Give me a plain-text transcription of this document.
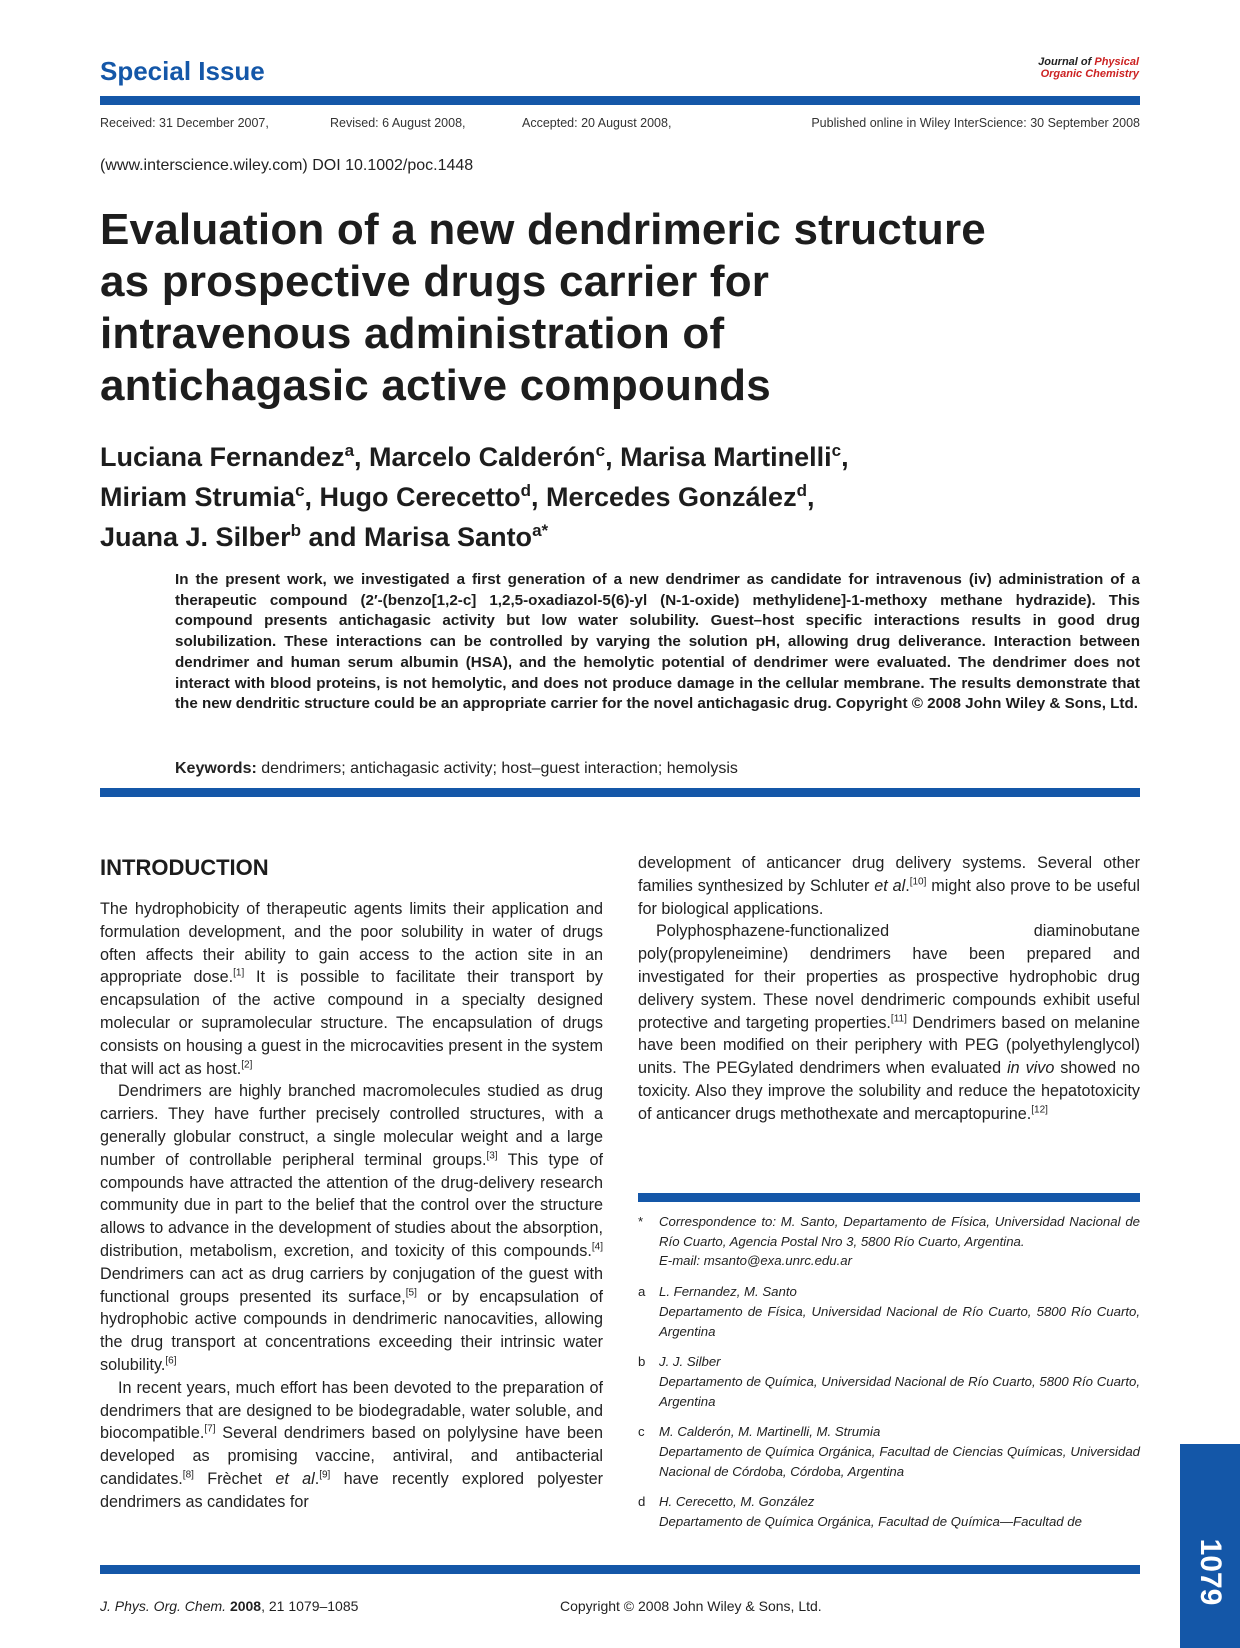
Special Issue	Journal of Physical
Organic Chemistry
Received: 31 December 2007,	Revised: 6 August 2008,	Accepted: 20 August 2008,	Published online in Wiley InterScience: 30 September 2008
(www.interscience.wiley.com) DOI 10.1002/poc.1448
Evaluation of a new dendrimeric structure
as prospective drugs carrier for
intravenous administration of
antichagasic active compounds
Luciana Fernandez$^a$, Marcelo Calderón$^c$, Marisa Martinelli$^c$,
Miriam Strumia$^c$, Hugo Cerecetto$^d$, Mercedes González$^d$,
Juana J. Silber$^b$ and Marisa Santo$^{a*}$
In the present work, we investigated a first generation of a new dendrimer as candidate for intravenous (iv) administration of a therapeutic compound (2′-(benzo[1,2-c] 1,2,5-oxadiazol-5(6)-yl (N-1-oxide) methylidene]-1-methoxy methane hydrazide). This compound presents antichagasic activity but low water solubility. Guest–host specific interactions results in good drug solubilization. These interactions can be controlled by varying the solution pH, allowing drug deliverance. Interaction between dendrimer and human serum albumin (HSA), and the hemolytic potential of dendrimer were evaluated. The dendrimer does not interact with blood proteins, is not hemolytic, and does not produce damage in the cellular membrane. The results demonstrate that the new dendritic structure could be an appropriate carrier for the novel antichagasic drug. Copyright © 2008 John Wiley & Sons, Ltd.
Keywords: dendrimers; antichagasic activity; host–guest interaction; hemolysis
INTRODUCTION

The hydrophobicity of therapeutic agents limits their application and formulation development, and the poor solubility in water of drugs often affects their ability to gain access to the action site in an appropriate dose.[1] It is possible to facilitate their transport by encapsulation of the active compound in a specialty designed molecular or supramolecular structure. The encapsulation of drugs consists on housing a guest in the microcavities present in the system that will act as host.[2]

Dendrimers are highly branched macromolecules studied as drug carriers. They have further precisely controlled structures, with a generally globular construct, a single molecular weight and a large number of controllable peripheral terminal groups.[3] This type of compounds have attracted the attention of the drug-delivery research community due in part to the belief that the control over the structure allows to advance in the development of studies about the absorption, distribution, metabolism, excretion, and toxicity of this compounds.[4] Dendrimers can act as drug carriers by conjugation of the guest with functional groups presented its surface,[5] or by encapsulation of hydrophobic active compounds in dendrimeric nanocavities, allowing the drug transport at concentrations exceeding their intrinsic water solubility.[6]

In recent years, much effort has been devoted to the preparation of dendrimers that are designed to be biodegradable, water soluble, and biocompatible.[7] Several dendrimers based on polylysine have been developed as promising vaccine, antiviral, and antibacterial candidates.[8] Frèchet et al.[9] have recently explored polyester dendrimers as candidates for

development of anticancer drug delivery systems. Several other families synthesized by Schluter et al.[10] might also prove to be useful for biological applications.

Polyphosphazene-functionalized diaminobutane poly(propyleneimine) dendrimers have been prepared and investigated for their properties as prospective hydrophobic drug delivery system. These novel dendrimeric compounds exhibit useful protective and targeting properties.[11] Dendrimers based on melanine have been modified on their periphery with PEG (polyethylenglycol) units. The PEGylated dendrimers when evaluated in vivo showed no toxicity. Also they improve the solubility and reduce the hepatotoxicity of anticancer drugs methothexate and mercaptopurine.[12]

* Correspondence to: M. Santo, Departamento de Física, Universidad Nacional de Río Cuarto, Agencia Postal Nro 3, 5800 Río Cuarto, Argentina.
E-mail: msanto@exa.unrc.edu.ar
a L. Fernandez, M. Santo
Departamento de Física, Universidad Nacional de Río Cuarto, 5800 Río Cuarto, Argentina
b J. J. Silber
Departamento de Química, Universidad Nacional de Río Cuarto, 5800 Río Cuarto, Argentina
c M. Calderón, M. Martinelli, M. Strumia
Departamento de Química Orgánica, Facultad de Ciencias Químicas, Universidad Nacional de Córdoba, Córdoba, Argentina
d H. Cerecetto, M. González
Departamento de Química Orgánica, Facultad de Química—Facultad de
J. Phys. Org. Chem. 2008, 21 1079–1085	Copyright © 2008 John Wiley & Sons, Ltd.
1079
